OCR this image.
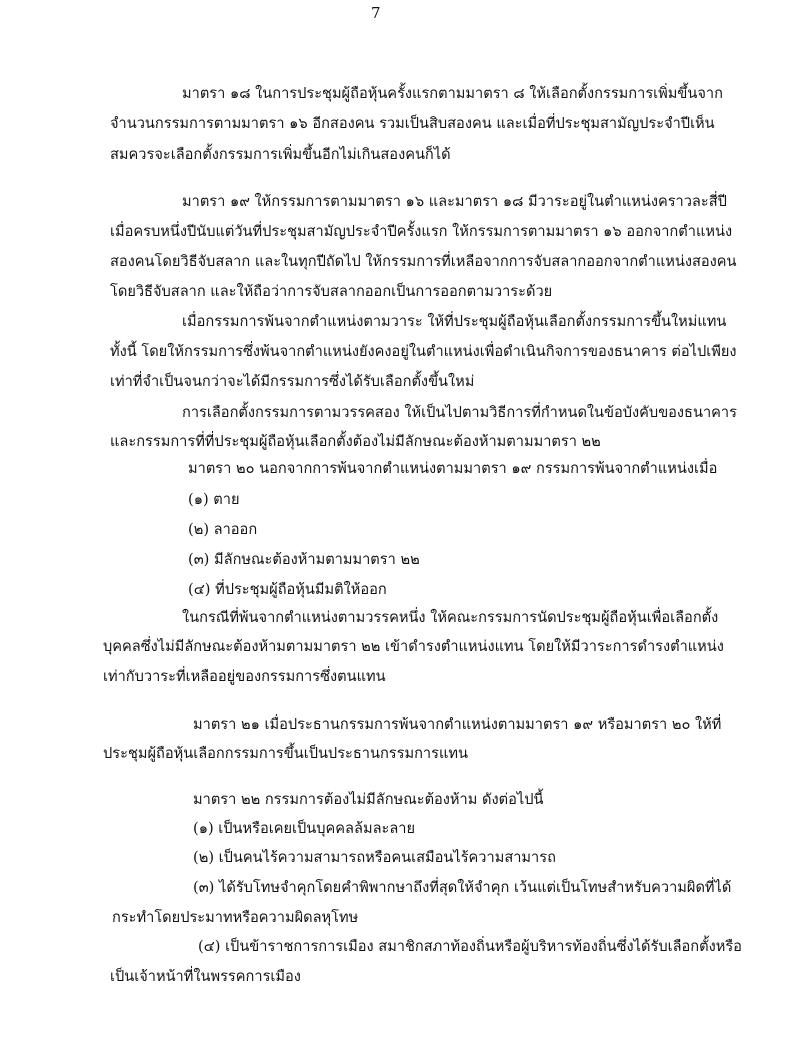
7
มาตรา ๑๘ ในการประชุมผู้ถือหุ้นครั้งแรกตามมาตรา ๘ ให้เลือกตั้งกรรมการเพิ่มขึ้นจาก
จำนวนกรรมการตามมาตรา ๑๖ อีกสองคน รวมเป็นสิบสองคน และเมื่อที่ประชุมสามัญประจำปีเห็น
สมควรจะเลือกตั้งกรรมการเพิ่มขึ้นอีกไม่เกินสองคนก็ได้
มาตรา ๑๙ ให้กรรมการตามมาตรา ๑๖ และมาตรา ๑๘ มีวาระอยู่ในตำแหน่งคราวละสี่ปี
เมื่อครบหนึ่งปีนับแต่วันที่ประชุมสามัญประจำปีครั้งแรก ให้กรรมการตามมาตรา ๑๖ ออกจากตำแหน่ง
สองคนโดยวิธีจับสลาก และในทุกปีถัดไป ให้กรรมการที่เหลือจากการจับสลากออกจากตำแหน่งสองคน
โดยวิธีจับสลาก และให้ถือว่าการจับสลากออกเป็นการออกตามวาระด้วย
เมื่อกรรมการพ้นจากตำแหน่งตามวาระ ให้ที่ประชุมผู้ถือหุ้นเลือกตั้งกรรมการขึ้นใหม่แทน
ทั้งนี้ โดยให้กรรมการซึ่งพ้นจากตำแหน่งยังคงอยู่ในตำแหน่งเพื่อดำเนินกิจการของธนาคาร ต่อไปเพียง
เท่าที่จำเป็นจนกว่าจะได้มีกรรมการซึ่งได้รับเลือกตั้งขึ้นใหม่
การเลือกตั้งกรรมการตามวรรคสอง ให้เป็นไปตามวิธีการที่กำหนดในข้อบังคับของธนาคาร
และกรรมการที่ที่ประชุมผู้ถือหุ้นเลือกตั้งต้องไม่มีลักษณะต้องห้ามตามมาตรา ๒๒
มาตรา ๒๐ นอกจากการพ้นจากตำแหน่งตามมาตรา ๑๙ กรรมการพ้นจากตำแหน่งเมื่อ
(๑) ตาย
(๒) ลาออก
(๓) มีลักษณะต้องห้ามตามมาตรา ๒๒
(๔) ที่ประชุมผู้ถือหุ้นมีมติให้ออก
ในกรณีที่พ้นจากตำแหน่งตามวรรคหนึ่ง ให้คณะกรรมการนัดประชุมผู้ถือหุ้นเพื่อเลือกตั้ง
บุคคลซึ่งไม่มีลักษณะต้องห้ามตามมาตรา ๒๒ เข้าดำรงตำแหน่งแทน โดยให้มีวาระการดำรงตำแหน่ง
เท่ากับวาระที่เหลืออยู่ของกรรมการซึ่งตนแทน
มาตรา ๒๑ เมื่อประธานกรรมการพ้นจากตำแหน่งตามมาตรา ๑๙ หรือมาตรา ๒๐ ให้ที่
ประชุมผู้ถือหุ้นเลือกกรรมการขึ้นเป็นประธานกรรมการแทน
มาตรา ๒๒ กรรมการต้องไม่มีลักษณะต้องห้าม ดังต่อไปนี้
(๑) เป็นหรือเคยเป็นบุคคลล้มละลาย
(๒) เป็นคนไร้ความสามารถหรือคนเสมือนไร้ความสามารถ
(๓) ได้รับโทษจำคุกโดยคำพิพากษาถึงที่สุดให้จำคุก เว้นแต่เป็นโทษสำหรับความผิดที่ได้
กระทำโดยประมาทหรือความผิดลหุโทษ
(๔) เป็นข้าราชการการเมือง สมาชิกสภาท้องถิ่นหรือผู้บริหารท้องถิ่นซึ่งได้รับเลือกตั้งหรือ
เป็นเจ้าหน้าที่ในพรรคการเมือง
